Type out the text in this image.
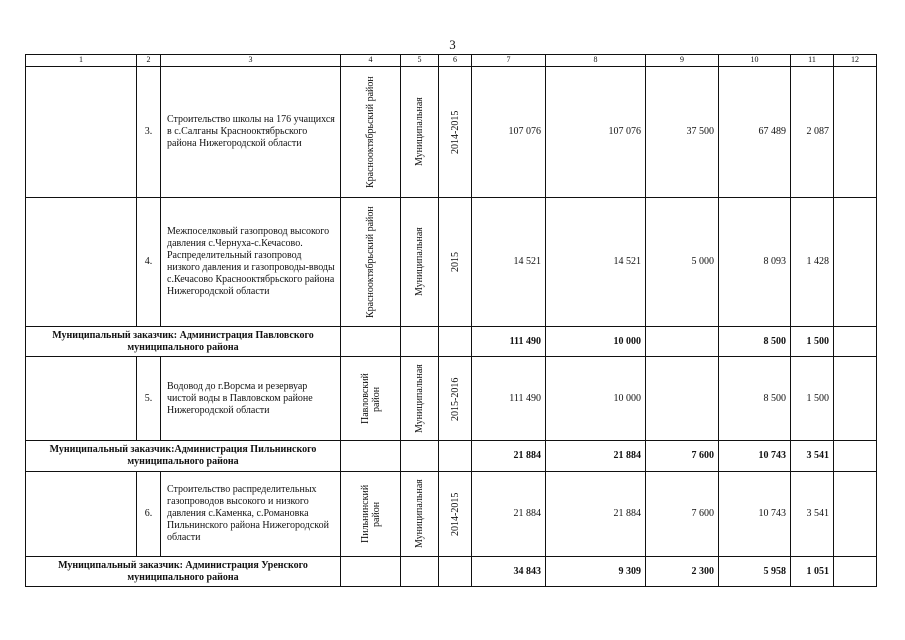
3
1	2	3	4	5	6	7	8	9	10	11	12
	3.	Строительство школы на 176 учащихся в с.Салганы Краснооктябрьского района Нижегородской области	Краснооктябрьский район	Муниципальная	2014-2015	107 076	107 076	37 500	67 489	2 087	
	4.	Межпоселковый газопровод высокого давления с.Чернуха-с.Кечасово. Распределительный газопровод низкого давления и газопроводы-вводы с.Кечасово Краснооктябрьского района Нижегородской области	Краснооктябрьский район	Муниципальная	2015	14 521	14 521	5 000	8 093	1 428	
Муниципальный заказчик: Администрация Павловского муниципального района						111 490	10 000		8 500	1 500	
	5.	Водовод до г.Ворсма и резервуар чистой воды в Павловском районе Нижегородской области	Павловский район	Муниципальная	2015-2016	111 490	10 000		8 500	1 500	
Муниципальный заказчик:Администрация Пильнинского муниципального района						21 884	21 884	7 600	10 743	3 541	
	6.	Строительство распределительных газопроводов высокого и низкого давления с.Каменка, с.Романовка Пильнинского района Нижегородской области	Пильнинский район	Муниципальная	2014-2015	21 884	21 884	7 600	10 743	3 541	
Муниципальный заказчик: Администрация Уренского муниципального района						34 843	9 309	2 300	5 958	1 051	
